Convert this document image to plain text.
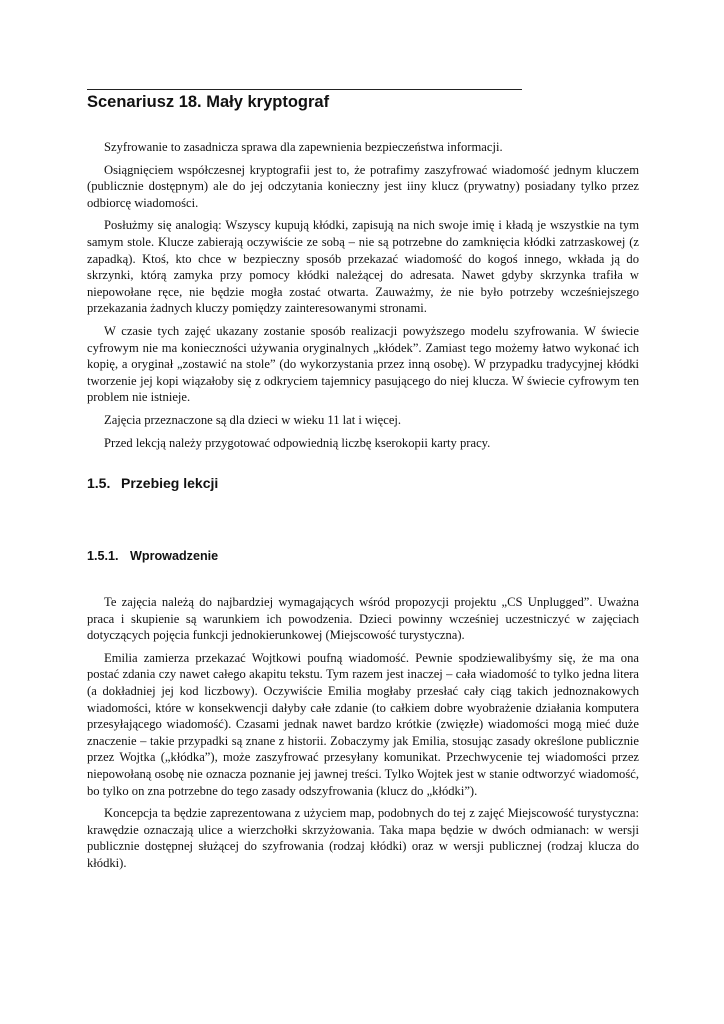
Scenariusz 18. Mały kryptograf

Szyfrowanie to zasadnicza sprawa dla zapewnienia bezpieczeństwa informacji.

Osiągnięciem współczesnej kryptografii jest to, że potrafimy zaszyfrować wiadomość jednym kluczem (publicznie dostępnym) ale do jej odczytania konieczny jest iiny klucz (prywatny) posiadany tylko przez odbiorcę wiadomości.

Posłużmy się analogią: Wszyscy kupują kłódki, zapisują na nich swoje imię i kładą je wszystkie na tym samym stole. Klucze zabierają oczywiście ze sobą – nie są potrzebne do zamknięcia kłódki zatrzaskowej (z zapadką). Ktoś, kto chce w bezpieczny sposób przekazać wiadomość do kogoś innego, wkłada ją do skrzynki, którą zamyka przy pomocy kłódki należącej do adresata. Nawet gdyby skrzynka trafiła w niepowołane ręce, nie będzie mogła zostać otwarta. Zauważmy, że nie było potrzeby wcześniejszego przekazania żadnych kluczy pomiędzy zainteresowanymi stronami.

W czasie tych zajęć ukazany zostanie sposób realizacji powyższego modelu szyfrowania. W świecie cyfrowym nie ma konieczności używania oryginalnych „kłódek”. Zamiast tego możemy łatwo wykonać ich kopię, a oryginał „zostawić na stole” (do wykorzystania przez inną osobę). W przypadku tradycyjnej kłódki tworzenie jej kopi wiązałoby się z odkryciem tajemnicy pasującego do niej klucza. W świecie cyfrowym ten problem nie istnieje.

Zajęcia przeznaczone są dla dzieci w wieku 11 lat i więcej.

Przed lekcją należy przygotować odpowiednią liczbę kserokopii karty pracy.

1.5. Przebieg lekcji
1.5.1. Wprowadzenie

Te zajęcia należą do najbardziej wymagających wśród propozycji projektu „CS Unplugged”. Uważna praca i skupienie są warunkiem ich powodzenia. Dzieci powinny wcześniej uczestniczyć w zajęciach dotyczących pojęcia funkcji jednokierunkowej (Miejscowość turystyczna).

Emilia zamierza przekazać Wojtkowi poufną wiadomość. Pewnie spodziewalibyśmy się, że ma ona postać zdania czy nawet całego akapitu tekstu. Tym razem jest inaczej – cała wiadomość to tylko jedna litera (a dokładniej jej kod liczbowy). Oczywiście Emilia mogłaby przesłać cały ciąg takich jednoznakowych wiadomości, które w konsekwencji dałyby całe zdanie (to całkiem dobre wyobrażenie działania komputera przesyłającego wiadomość). Czasami jednak nawet bardzo krótkie (zwięzłe) wiadomości mogą mieć duże znaczenie – takie przypadki są znane z historii. Zobaczymy jak Emilia, stosując zasady określone publicznie przez Wojtka („kłódka”), może zaszyfrować przesyłany komunikat. Przechwycenie tej wiadomości przez niepowołaną osobę nie oznacza poznanie jej jawnej treści. Tylko Wojtek jest w stanie odtworzyć wiadomość, bo tylko on zna potrzebne do tego zasady odszyfrowania (klucz do „kłódki”).

Koncepcja ta będzie zaprezentowana z użyciem map, podobnych do tej z zajęć Miejscowość turystyczna: krawędzie oznaczają ulice a wierzchołki skrzyżowania. Taka mapa będzie w dwóch odmianach: w wersji publicznie dostępnej służącej do szyfrowania (rodzaj kłódki) oraz w wersji publicznej (rodzaj klucza do kłódki).
